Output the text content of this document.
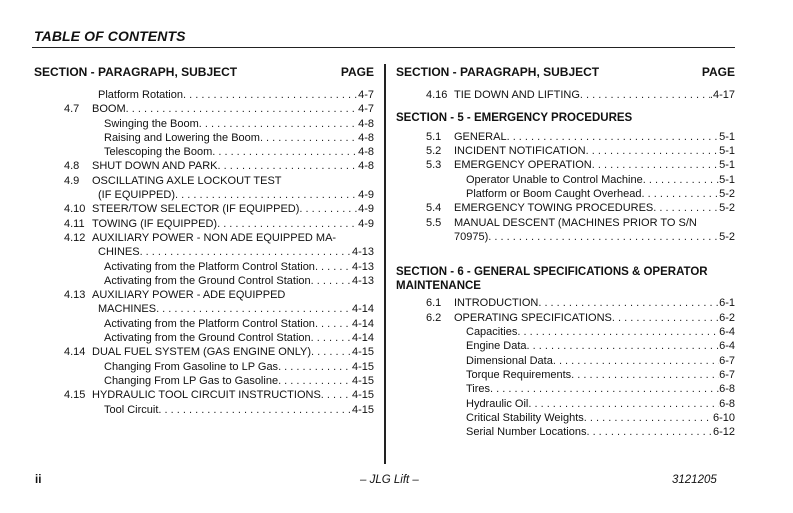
TABLE OF CONTENTS
SECTION - PARAGRAPH, SUBJECT	PAGE
Platform Rotation . . .	4-7
4.7 BOOM . . .	4-7
Swinging the Boom . . .	4-8
Raising and Lowering the Boom . . .	4-8
Telescoping the Boom . . .	4-8
4.8 SHUT DOWN AND PARK . . .	4-8
4.9 OSCILLATING AXLE LOCKOUT TEST
(IF EQUIPPED) . . .	4-9
4.10 STEER/TOW SELECTOR (IF EQUIPPED) . . .	4-9
4.11 TOWING (IF EQUIPPED) . . .	4-9
4.12 AUXILIARY POWER - NON ADE EQUIPPED MA-
CHINES . . .	4-13
Activating from the Platform Control Station . . .	4-13
Activating from the Ground Control Station . . .	4-13
4.13 AUXILIARY POWER - ADE EQUIPPED
MACHINES . . .	4-14
Activating from the Platform Control Station . . .	4-14
Activating from the Ground Control Station . . .	4-14
4.14 DUAL FUEL SYSTEM (GAS ENGINE ONLY) . . .	4-15
Changing From Gasoline to LP Gas . . .	4-15
Changing From LP Gas to Gasoline . . .	4-15
4.15 HYDRAULIC TOOL CIRCUIT INSTRUCTIONS . . .	4-15
Tool Circuit . . .	4-15
SECTION - PARAGRAPH, SUBJECT	PAGE
4.16 TIE DOWN AND LIFTING . . .	.4-17
SECTION - 5 - EMERGENCY PROCEDURES
5.1 GENERAL . . .	5-1
5.2 INCIDENT NOTIFICATION . . .	5-1
5.3 EMERGENCY OPERATION . . .	5-1
Operator Unable to Control Machine . . .	5-1
Platform or Boom Caught Overhead . . .	5-2
5.4 EMERGENCY TOWING PROCEDURES . . .	5-2
5.5 MANUAL DESCENT (MACHINES PRIOR TO S/N
70975) . . .	5-2
SECTION - 6 - GENERAL SPECIFICATIONS & OPERATOR
MAINTENANCE
6.1 INTRODUCTION . . .	6-1
6.2 OPERATING SPECIFICATIONS . . .	6-2
Capacities . . .	6-4
Engine Data . . .	6-4
Dimensional Data . . .	6-7
Torque Requirements . . .	6-7
Tires . . .	6-8
Hydraulic Oil . . .	6-8
Critical Stability Weights . . .	6-10
Serial Number Locations . . .	6-12
ii	– JLG Lift –	3121205
